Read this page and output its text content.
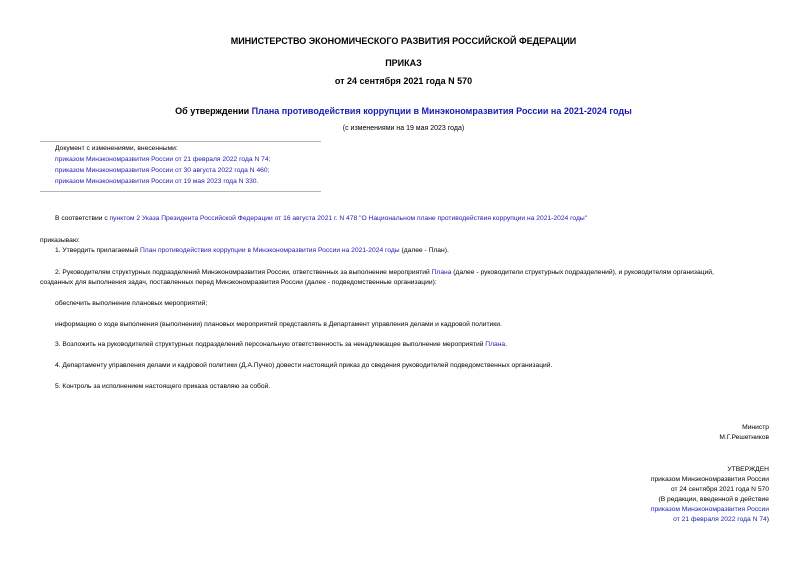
МИНИСТЕРСТВО ЭКОНОМИЧЕСКОГО РАЗВИТИЯ РОССИЙСКОЙ ФЕДЕРАЦИИ
ПРИКАЗ
от 24 сентября 2021 года N 570
Об утверждении Плана противодействия коррупции в Минэкономразвития России на 2021-2024 годы
(с изменениями на 19 мая 2023 года)
Документ с изменениями, внесенными:
приказом Минэкономразвития России от 21 февраля 2022 года N 74;
приказом Минэкономразвития России от 30 августа 2022 года N 460;
приказом Минэкономразвития России от 19 мая 2023 года N 330.
В соответствии с пунктом 2 Указа Президента Российской Федерации от 16 августа 2021 г. N 478 "О Национальном плане противодействия коррупции на 2021-2024 годы"
приказываю:
1. Утвердить прилагаемый План противодействия коррупции в Минэкономразвития России на 2021-2024 годы (далее - План).
2. Руководителям структурных подразделений Минэкономразвития России, ответственных за выполнение мероприятий Плана (далее - руководители структурных подразделений), и руководителям организаций,
созданных для выполнения задач, поставленных перед Минэкономразвития России (далее - подведомственные организации):
обеспечить выполнение плановых мероприятий;
информацию о ходе выполнения (выполнении) плановых мероприятий представлять в Департамент управления делами и кадровой политики.
3. Возложить на руководителей структурных подразделений персональную ответственность за ненадлежащее выполнение мероприятий Плана.
4. Департаменту управления делами и кадровой политики (Д.А.Пучко) довести настоящий приказ до сведения руководителей подведомственных организаций.
5. Контроль за исполнением настоящего приказа оставляю за собой.
Министр
М.Г.Решетников
УТВЕРЖДЕН
приказом Минэкономразвития России
от 24 сентября 2021 года N 570
(В редакции, введенной в действие
приказом Минэкономразвития России
от 21 февраля 2022 года N 74)
